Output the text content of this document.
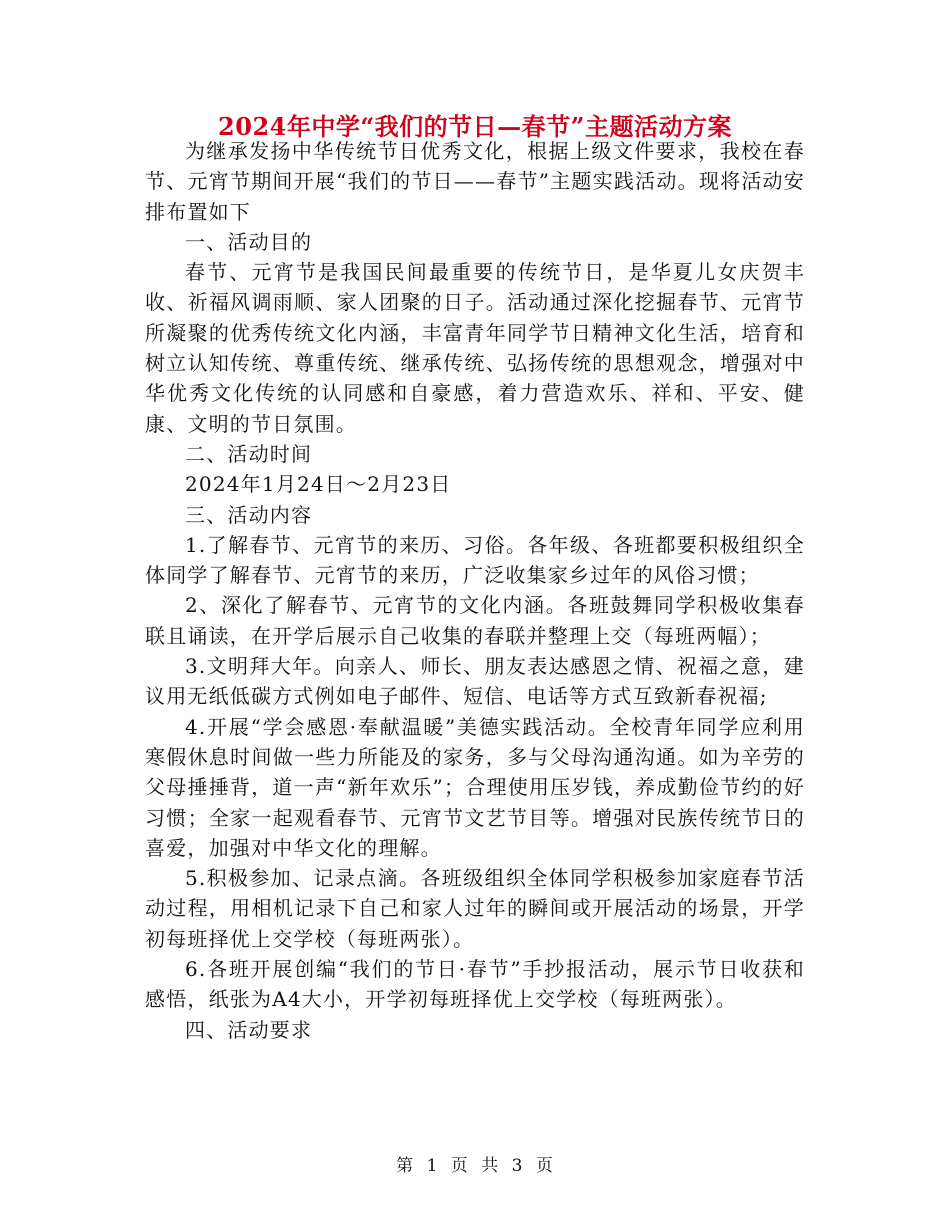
2024年中学“我们的节日—春节”主题活动方案

为继承发扬中华传统节日优秀文化，根据上级文件要求，我校在春节、元宵节期间开展“我们的节日——春节”主题实践活动。现将活动安排布置如下

一、活动目的

春节、元宵节是我国民间最重要的传统节日，是华夏儿女庆贺丰收、祈福风调雨顺、家人团聚的日子。活动通过深化挖掘春节、元宵节所凝聚的优秀传统文化内涵，丰富青年同学节日精神文化生活，培育和树立认知传统、尊重传统、继承传统、弘扬传统的思想观念，增强对中华优秀文化传统的认同感和自豪感，着力营造欢乐、祥和、平安、健康、文明的节日氛围。

二、活动时间

2024年1月24日～2月23日

三、活动内容

1.了解春节、元宵节的来历、习俗。各年级、各班都要积极组织全体同学了解春节、元宵节的来历，广泛收集家乡过年的风俗习惯；

2、深化了解春节、元宵节的文化内涵。各班鼓舞同学积极收集春联且诵读，在开学后展示自己收集的春联并整理上交（每班两幅）；

3.文明拜大年。向亲人、师长、朋友表达感恩之情、祝福之意，建议用无纸低碳方式例如电子邮件、短信、电话等方式互致新春祝福;

4.开展“学会感恩·奉献温暖”美德实践活动。全校青年同学应利用寒假休息时间做一些力所能及的家务，多与父母沟通沟通。如为辛劳的父母捶捶背，道一声“新年欢乐”；合理使用压岁钱，养成勤俭节约的好习惯；全家一起观看春节、元宵节文艺节目等。增强对民族传统节日的喜爱，加强对中华文化的理解。

5.积极参加、记录点滴。各班级组织全体同学积极参加家庭春节活动过程，用相机记录下自己和家人过年的瞬间或开展活动的场景，开学初每班择优上交学校（每班两张）。

6.各班开展创编“我们的节日·春节”手抄报活动，展示节日收获和感悟，纸张为A4大小，开学初每班择优上交学校（每班两张）。

四、活动要求

第 1 页 共 3 页
